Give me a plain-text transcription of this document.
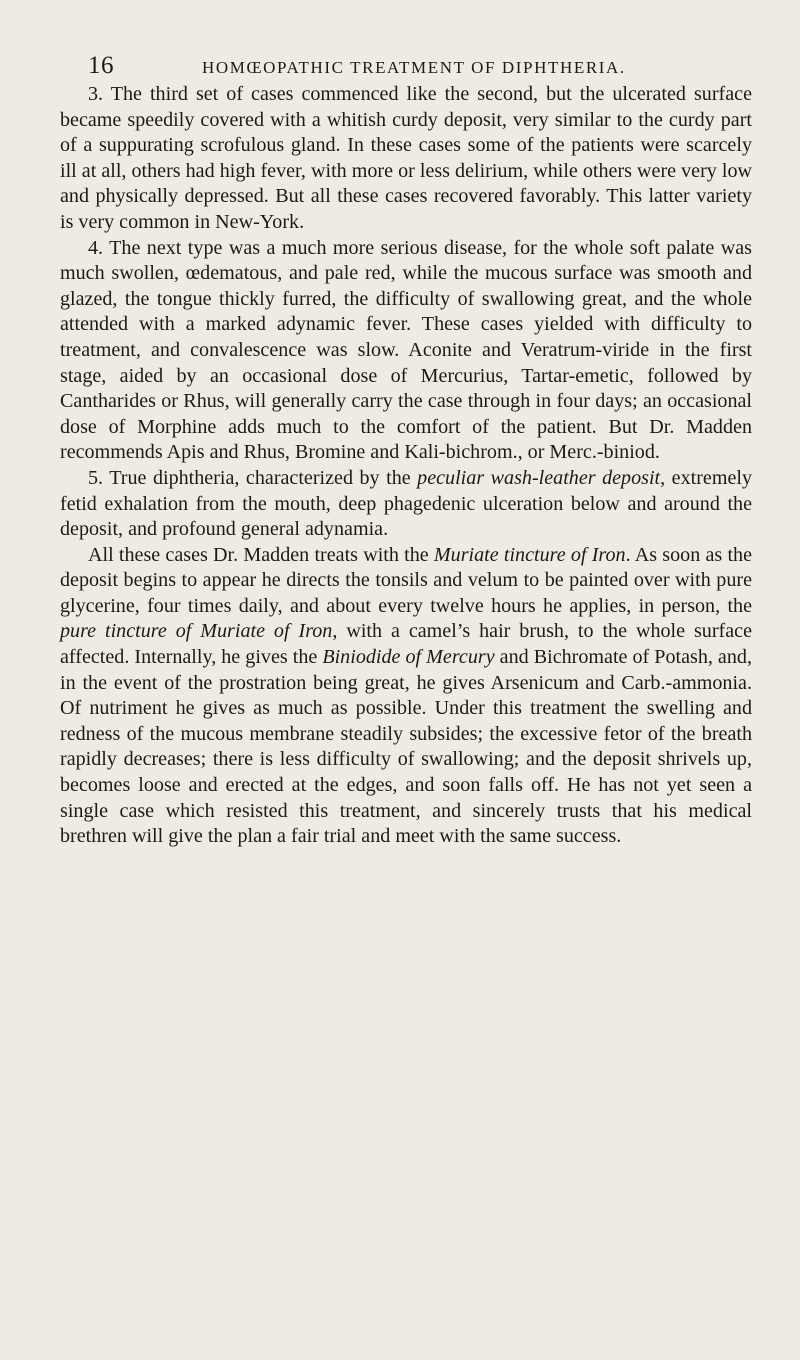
16	HOMŒOPATHIC TREATMENT OF DIPHTHERIA.

3. The third set of cases commenced like the second, but the ulcerated surface became speedily covered with a whitish curdy deposit, very similar to the curdy part of a suppurating scrofulous gland. In these cases some of the patients were scarcely ill at all, others had high fever, with more or less delirium, while others were very low and physically depressed. But all these cases recovered favorably. This latter variety is very common in New-York.

4. The next type was a much more serious disease, for the whole soft palate was much swollen, œdematous, and pale red, while the mucous surface was smooth and glazed, the tongue thickly furred, the difficulty of swallowing great, and the whole attended with a marked adynamic fever. These cases yielded with difficulty to treatment, and convalescence was slow. Aconite and Veratrum-viride in the first stage, aided by an occasional dose of Mercurius, Tartar-emetic, followed by Cantharides or Rhus, will generally carry the case through in four days; an occasional dose of Morphine adds much to the comfort of the patient. But Dr. Madden recommends Apis and Rhus, Bromine and Kali-bichrom., or Merc.-biniod.

5. True diphtheria, characterized by the peculiar wash-leather deposit, extremely fetid exhalation from the mouth, deep phagedenic ulceration below and around the deposit, and profound general adynamia.

All these cases Dr. Madden treats with the Muriate tincture of Iron. As soon as the deposit begins to appear he directs the tonsils and velum to be painted over with pure glycerine, four times daily, and about every twelve hours he applies, in person, the pure tincture of Muriate of Iron, with a camel’s hair brush, to the whole surface affected. Internally, he gives the Biniodide of Mercury and Bichromate of Potash, and, in the event of the prostration being great, he gives Arsenicum and Carb.-ammonia. Of nutriment he gives as much as possible. Under this treatment the swelling and redness of the mucous membrane steadily subsides; the excessive fetor of the breath rapidly decreases; there is less difficulty of swallowing; and the deposit shrivels up, becomes loose and erected at the edges, and soon falls off. He has not yet seen a single case which resisted this treatment, and sincerely trusts that his medical brethren will give the plan a fair trial and meet with the same success.
